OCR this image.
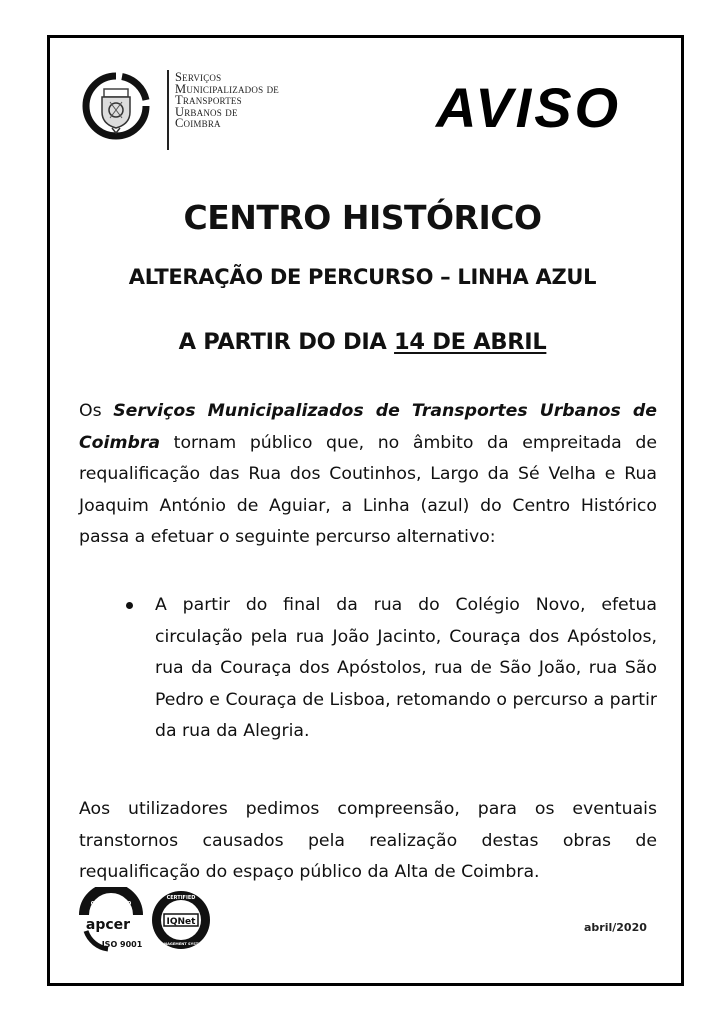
Serviços
Municipalizados de
Transportes
Urbanos de
Coimbra	AVISO
CENTRO HISTÓRICO
ALTERAÇÃO DE PERCURSO – LINHA AZUL
A PARTIR DO DIA 14 DE ABRIL
Os Serviços Municipalizados de Transportes Urbanos de Coimbra tornam público que, no âmbito da empreitada de requalificação das Rua dos Coutinhos, Largo da Sé Velha e Rua Joaquim António de Aguiar, a Linha (azul) do Centro Histórico passa a efetuar o seguinte percurso alternativo:
A partir do final da rua do Colégio Novo, efetua circulação pela rua João Jacinto, Couraça dos Apóstolos, rua da Couraça dos Apóstolos, rua de São João, rua São Pedro e Couraça de Lisboa, retomando o percurso a partir da rua da Alegria.
Aos utilizadores pedimos compreensão, para os eventuais transtornos causados pela realização destas obras de requalificação do espaço público da Alta de Coimbra.
CERTIFICAÇÃO
apcer
ISO 9001
CERTIFIED
IQNet
MANAGEMENT SYSTEM
abril/2020
